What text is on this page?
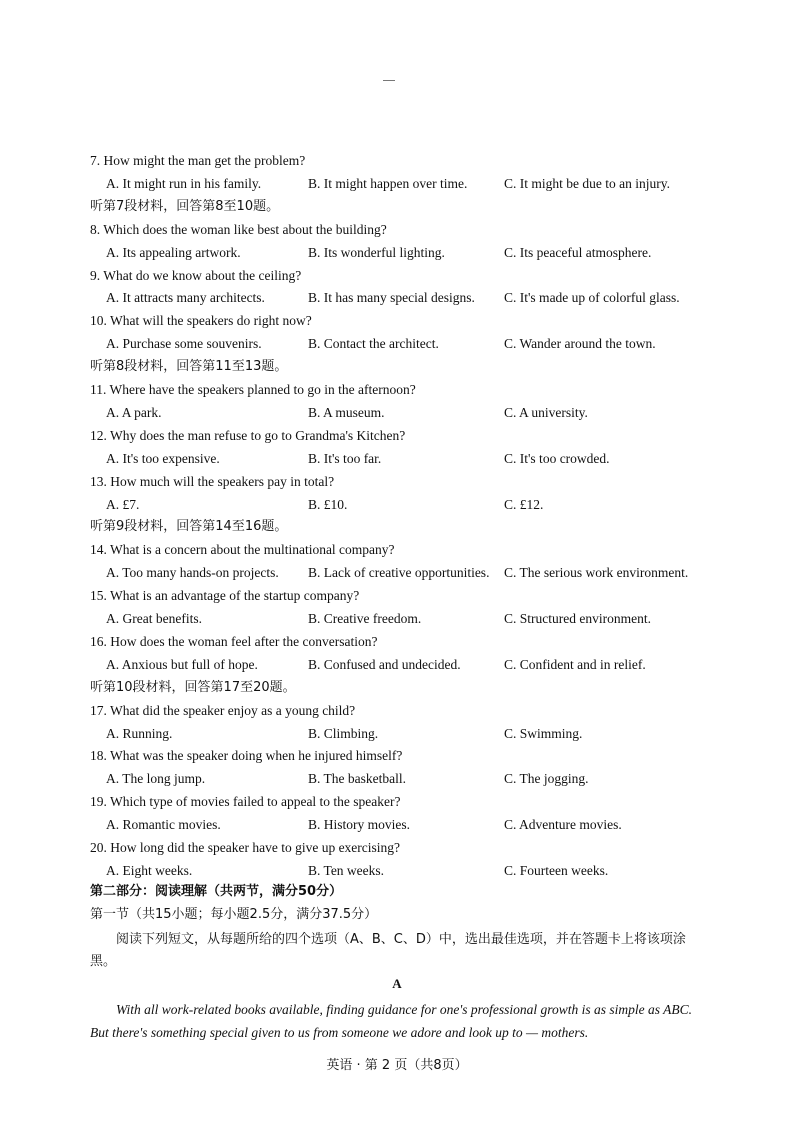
7. How might the man get the problem?
A. It might run in his family.	B. It might happen over time.	C. It might be due to an injury.
听第7段材料，回答第8至10题。
8. Which does the woman like best about the building?
A. Its appealing artwork.	B. Its wonderful lighting.	C. Its peaceful atmosphere.
9. What do we know about the ceiling?
A. It attracts many architects.	B. It has many special designs. C. It's made up of colorful glass.
10. What will the speakers do right now?
A. Purchase some souvenirs.	B. Contact the architect.	C. Wander around the town.
听第8段材料，回答第11至13题。
11. Where have the speakers planned to go in the afternoon?
A. A park.	B. A museum.	C. A university.
12. Why does the man refuse to go to Grandma's Kitchen?
A. It's too expensive.	B. It's too far.	C. It's too crowded.
13. How much will the speakers pay in total?
A. £7.	B. £10.	C. £12.
听第9段材料，回答第14至16题。
14. What is a concern about the multinational company?
A. Too many hands-on projects. B. Lack of creative opportunities. C. The serious work environment.
15. What is an advantage of the startup company?
A. Great benefits.	B. Creative freedom.	C. Structured environment.
16. How does the woman feel after the conversation?
A. Anxious but full of hope.	B. Confused and undecided.	C. Confident and in relief.
听第10段材料，回答第17至20题。
17. What did the speaker enjoy as a young child?
A. Running.	B. Climbing.	C. Swimming.
18. What was the speaker doing when he injured himself?
A. The long jump.	B. The basketball.	C. The jogging.
19. Which type of movies failed to appeal to the speaker?
A. Romantic movies.	B. History movies.	C. Adventure movies.
20. How long did the speaker have to give up exercising?
A. Eight weeks.	B. Ten weeks.	C. Fourteen weeks.
第二部分：阅读理解（共两节，满分50分）
第一节（共15小题；每小题2.5分，满分37.5分）
阅读下列短文，从每题所给的四个选项（A、B、C、D）中，选出最佳选项，并在答题卡上将该项涂黑。
A
With all work-related books available, finding guidance for one's professional growth is as simple as ABC. But there's something special given to us from someone we adore and look up to — mothers.
英语 · 第 2 页（共8页）
